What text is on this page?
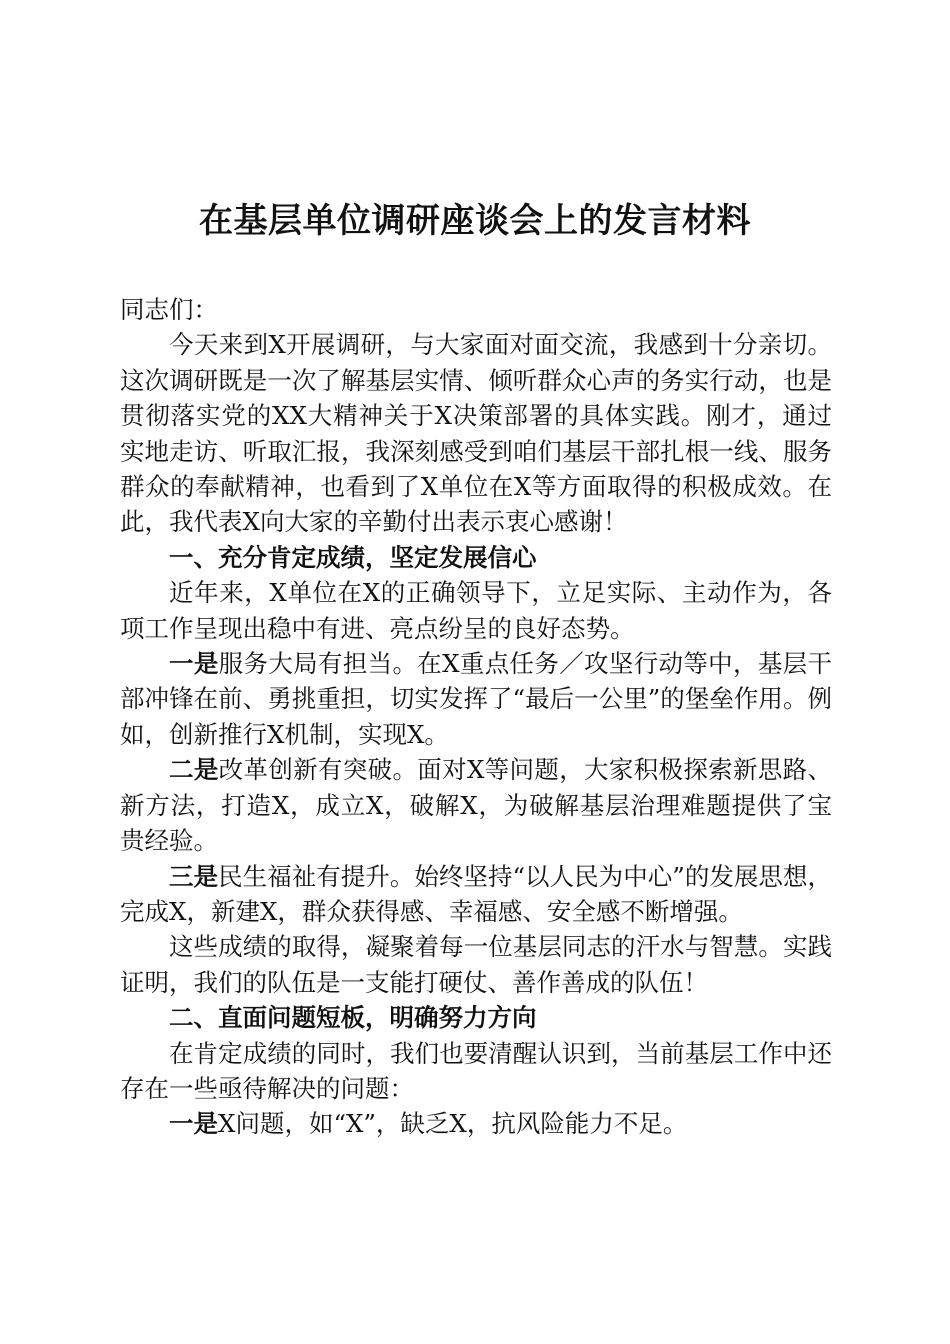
在基层单位调研座谈会上的发言材料

同志们：

今天来到X开展调研，与大家面对面交流，我感到十分亲切。这次调研既是一次了解基层实情、倾听群众心声的务实行动，也是贯彻落实党的XX大精神关于X决策部署的具体实践。刚才，通过实地走访、听取汇报，我深刻感受到咱们基层干部扎根一线、服务群众的奉献精神，也看到了X单位在X等方面取得的积极成效。在此，我代表X向大家的辛勤付出表示衷心感谢！

一、充分肯定成绩，坚定发展信心

近年来，X单位在X的正确领导下，立足实际、主动作为，各项工作呈现出稳中有进、亮点纷呈的良好态势。

一是服务大局有担当。在X重点任务／攻坚行动等中，基层干部冲锋在前、勇挑重担，切实发挥了“最后一公里”的堡垒作用。例如，创新推行X机制，实现X。

二是改革创新有突破。面对X等问题，大家积极探索新思路、新方法，打造X，成立X，破解X，为破解基层治理难题提供了宝贵经验。

三是民生福祉有提升。始终坚持“以人民为中心”的发展思想，完成X，新建X，群众获得感、幸福感、安全感不断增强。

这些成绩的取得，凝聚着每一位基层同志的汗水与智慧。实践证明，我们的队伍是一支能打硬仗、善作善成的队伍！

二、直面问题短板，明确努力方向

在肯定成绩的同时，我们也要清醒认识到，当前基层工作中还存在一些亟待解决的问题：

一是X问题，如“X”，缺乏X，抗风险能力不足。
